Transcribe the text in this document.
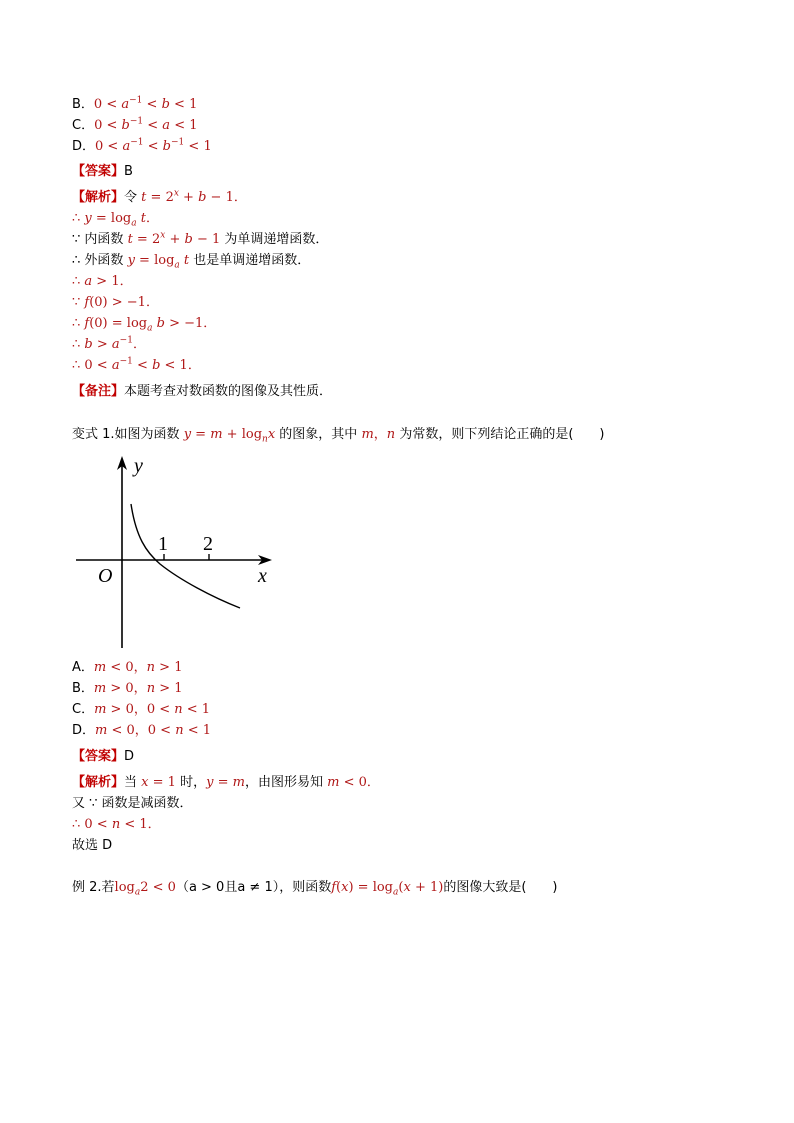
B．$0 < a^{-1} < b < 1$
C．$0 < b^{-1} < a < 1$
D．$0 < a^{-1} < b^{-1} < 1$
【答案】B
【解析】令 $t = 2^x + b - 1$．
∴ $y = \log_a t$．
∵ 内函数 $t = 2^x + b - 1$ 为单调递增函数．
∴ 外函数 $y = \log_a t$ 也是单调递增函数．
∴ a > 1．
∵ f(0) > −1．
∴ $f(0) = \log_a b > -1$．
∴ $b > a^{-1}$．
∴ $0 < a^{-1} < b < 1$．
【备注】本题考查对数函数的图像及其性质．
变式 1.如图为函数 $y = m + \log_nx$ 的图象，其中 m，n 为常数，则下列结论正确的是(　　)
y
x
O
1 2
A．m < 0，n > 1
B．m > 0，n > 1
C．m > 0，0 < n < 1
D．m < 0，0 < n < 1
【答案】D
【解析】当 x = 1 时，y = m，由图形易知 m < 0．
又 ∵ 函数是减函数．
∴ 0 < n < 1．
故选 D
例 2.若$\log_a2 < 0(a > 0$且a ≠ 1），则函数$f(x) = \log_a(x + 1)$的图像大致是(　　)
